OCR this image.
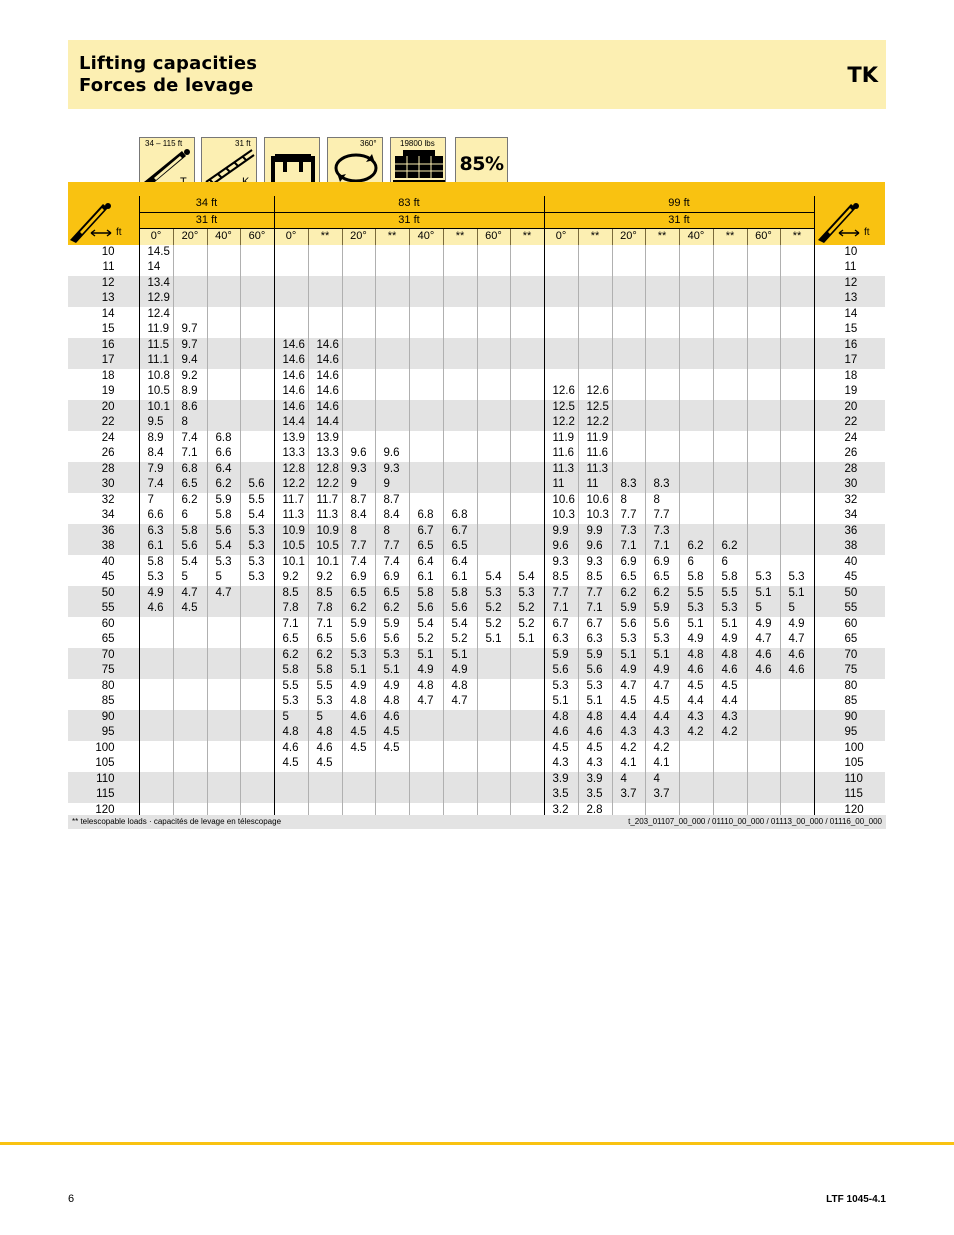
Lifting capacities
Forces de levage	TK
34 – 115 ft	31 ft	360°	19800 lbs
85%

	34 ft				83 ft								99 ft								
	31 ft				31 ft								31 ft								
	0°	20°	40°	60°	0°	**	20°	**	40°	**	60°	**	0°	**	20°	**	40°	**	60°	**	
10	14.5																				10
11	14																				11
12	13.4																				12
13	12.9																				13
14	12.4																				14
15	11.9	9.7																			15
16	11.5	9.7			14.6	14.6															16
17	11.1	9.4			14.6	14.6															17
18	10.8	9.2			14.6	14.6															18
19	10.5	8.9			14.6	14.6							12.6	12.6							19
20	10.1	8.6			14.6	14.6							12.5	12.5							20
22	9.5	8			14.4	14.4							12.2	12.2							22
24	8.9	7.4	6.8		13.9	13.9							11.9	11.9							24
26	8.4	7.1	6.6		13.3	13.3	9.6	9.6					11.6	11.6							26
28	7.9	6.8	6.4		12.8	12.8	9.3	9.3					11.3	11.3							28
30	7.4	6.5	6.2	5.6	12.2	12.2	9	9					11	11	8.3	8.3					30
32	7	6.2	5.9	5.5	11.7	11.7	8.7	8.7					10.6	10.6	8	8					32
34	6.6	6	5.8	5.4	11.3	11.3	8.4	8.4	6.8	6.8			10.3	10.3	7.7	7.7					34
36	6.3	5.8	5.6	5.3	10.9	10.9	8	8	6.7	6.7			9.9	9.9	7.3	7.3					36
38	6.1	5.6	5.4	5.3	10.5	10.5	7.7	7.7	6.5	6.5			9.6	9.6	7.1	7.1	6.2	6.2			38
40	5.8	5.4	5.3	5.3	10.1	10.1	7.4	7.4	6.4	6.4			9.3	9.3	6.9	6.9	6	6			40
45	5.3	5	5	5.3	9.2	9.2	6.9	6.9	6.1	6.1	5.4	5.4	8.5	8.5	6.5	6.5	5.8	5.8	5.3	5.3	45
50	4.9	4.7	4.7		8.5	8.5	6.5	6.5	5.8	5.8	5.3	5.3	7.7	7.7	6.2	6.2	5.5	5.5	5.1	5.1	50
55	4.6	4.5			7.8	7.8	6.2	6.2	5.6	5.6	5.2	5.2	7.1	7.1	5.9	5.9	5.3	5.3	5	5	55
60					7.1	7.1	5.9	5.9	5.4	5.4	5.2	5.2	6.7	6.7	5.6	5.6	5.1	5.1	4.9	4.9	60
65					6.5	6.5	5.6	5.6	5.2	5.2	5.1	5.1	6.3	6.3	5.3	5.3	4.9	4.9	4.7	4.7	65
70					6.2	6.2	5.3	5.3	5.1	5.1			5.9	5.9	5.1	5.1	4.8	4.8	4.6	4.6	70
75					5.8	5.8	5.1	5.1	4.9	4.9			5.6	5.6	4.9	4.9	4.6	4.6	4.6	4.6	75
80					5.5	5.5	4.9	4.9	4.8	4.8			5.3	5.3	4.7	4.7	4.5	4.5			80
85					5.3	5.3	4.8	4.8	4.7	4.7			5.1	5.1	4.5	4.5	4.4	4.4			85
90					5	5	4.6	4.6					4.8	4.8	4.4	4.4	4.3	4.3			90
95					4.8	4.8	4.5	4.5					4.6	4.6	4.3	4.3	4.2	4.2			95
100					4.6	4.6	4.5	4.5					4.5	4.5	4.2	4.2					100
105					4.5	4.5							4.3	4.3	4.1	4.1					105
110													3.9	3.9	4	4					110
115													3.5	3.5	3.7	3.7					115
120													3.2	2.8							120
ft	ft
** telescopable loads · capacités de levage en télescopage	t_203_01107_00_000 / 01110_00_000 / 01113_00_000 / 01116_00_000
6	LTF 1045-4.1
